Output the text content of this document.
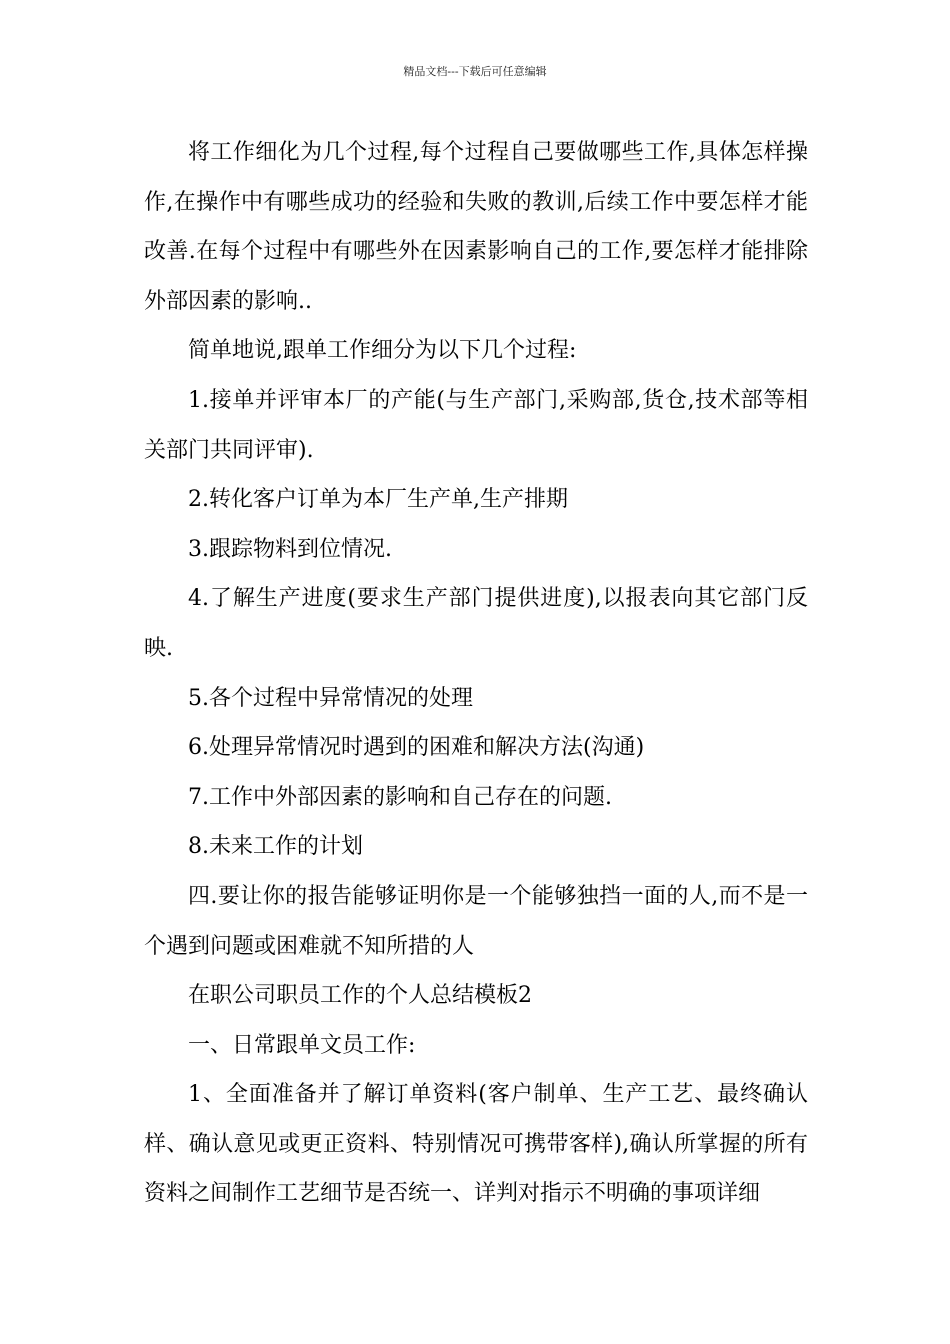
精品文档---下载后可任意编辑

将工作细化为几个过程,每个过程自己要做哪些工作,具体怎样操作,在操作中有哪些成功的经验和失败的教训,后续工作中要怎样才能改善.在每个过程中有哪些外在因素影响自己的工作,要怎样才能排除外部因素的影响..

简单地说,跟单工作细分为以下几个过程:

1.接单并评审本厂的产能(与生产部门,采购部,货仓,技术部等相关部门共同评审).

2.转化客户订单为本厂生产单,生产排期

3.跟踪物料到位情况.

4.了解生产进度(要求生产部门提供进度),以报表向其它部门反映.

5.各个过程中异常情况的处理

6.处理异常情况时遇到的困难和解决方法(沟通)

7.工作中外部因素的影响和自己存在的问题.

8.未来工作的计划

四.要让你的报告能够证明你是一个能够独挡一面的人,而不是一个遇到问题或困难就不知所措的人

在职公司职员工作的个人总结模板2

一、日常跟单文员工作:

1、全面准备并了解订单资料(客户制单、生产工艺、最终确认样、确认意见或更正资料、特别情况可携带客样),确认所掌握的所有资料之间制作工艺细节是否统一、详判对指示不明确的事项详细
